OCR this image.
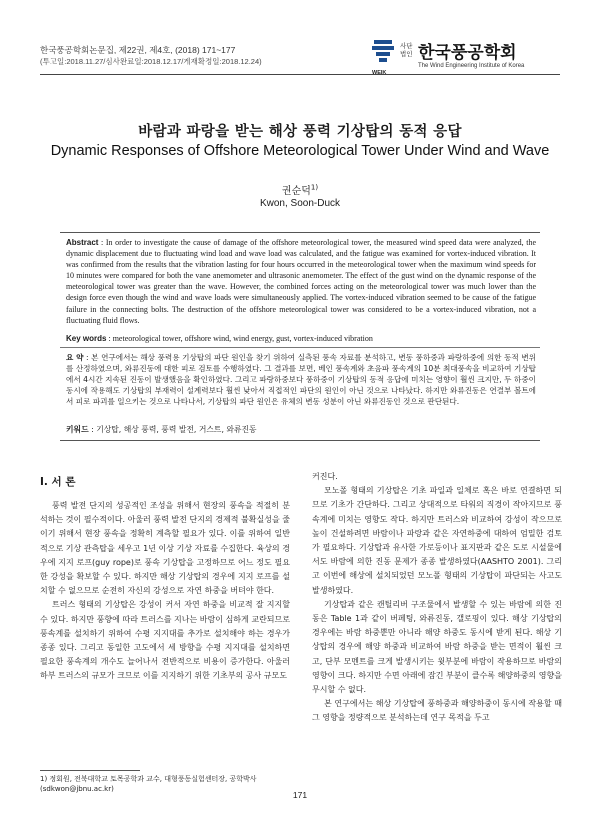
한국풍공학회논문집, 제22권, 제4호, (2018) 171~177
(투고일:2018.11.27/심사완료일:2018.12.17/게재확정일:2018.12.24)
사단 법인 한국풍공학회
WEIK
The Wind Engineering Institute of Korea
바람과 파랑을 받는 해상 풍력 기상탑의 동적 응답
Dynamic Responses of Offshore Meteorological Tower Under Wind and Wave
권순덕$^{1)}$
Kwon, Soon-Duck
Abstract : In order to investigate the cause of damage of the offshore meteorological tower, the measured wind speed data were analyzed, the dynamic displacement due to fluctuating wind load and wave load was calculated, and the fatigue was examined for vortex-induced vibration. It was confirmed from the results that the vibration lasting for four hours occurred in the meteorological tower when the maximum wind speeds for 10 minutes were compared for both the vane anemometer and ultrasonic anemometer. The effect of the gust wind on the dynamic response of the meteorological tower was greater than the wave. However, the combined forces acting on the meteorological tower was much lower than the design force even though the wind and wave loads were simultaneously applied. The vortex-induced vibration seemed to be cause of the fatigue failure in the connecting bolts. The destruction of the offshore meteorological tower was considered to be a vortex-induced vibration, not a fluctuating fluid flows.
Key words : meteorological tower, offshore wind, wind energy, gust, vortex-induced vibration
요 약 : 본 연구에서는 해상 풍력용 기상탑의 파단 원인을 찾기 위하여 실측된 풍속 자료를 분석하고, 변동 풍하중과 파랑하중에 의한 동적 변위를 산정하였으며, 와류진동에 대한 피로 검토를 수행하였다. 그 결과를 보면, 베인 풍속계와 초음파 풍속계의 10분 최대풍속을 비교하여 기상탑에서 4시간 지속된 진동이 발생했음을 확인하였다. 그리고 파랑하중보다 풍하중이 기상탑의 동적 응답에 미치는 영향이 훨씬 크지만, 두 하중이 동시에 작용해도 기상탑의 부재력이 설계력보다 훨씬 낮아서 직접적인 파단의 원인이 아닌 것으로 나타났다. 하지만 와류진동은 연결부 볼트에서 피로 파괴를 일으키는 것으로 나타나서, 기상탑의 파단 원인은 유체의 변동 성분이 아닌 와류진동인 것으로 판단된다.
키워드 : 기상탑, 해상 풍력, 풍력 발전, 거스트, 와류진동
I. 서 론

풍력 발전 단지의 성공적인 조성을 위해서 현장의 풍속을 적절히 분석하는 것이 필수적이다. 아울러 풍력 발전 단지의 경제적 불확실성을 줄이기 위해서 현장 풍속을 정확히 계측할 필요가 있다. 이를 위하여 일반적으로 기상 관측탑을 세우고 1년 이상 기상 자료를 수집한다. 육상의 경우에 지지 로프(guy rope)로 풍속 기상탑을 고정하므로 어느 정도 필요한 강성을 확보할 수 있다. 하지만 해상 기상탑의 경우에 지지 로프를 설치할 수 없으므로 순전히 자신의 강성으로 자연 하중을 버텨야 한다.

트러스 형태의 기상탑은 강성이 커서 자연 하중을 비교적 잘 지지할 수 있다. 하지만 풍향에 따라 트러스를 지나는 바람이 심하게 교란되므로 풍속계를 설치하기 위하여 수평 지지대를 추가로 설치해야 하는 경우가 종종 있다. 그리고 동일한 고도에서 세 방향을 수평 지지대를 설치하면 필요한 풍속계의 개수도 늘어나서 전반적으로 비용이 증가한다. 아울러 하부 트러스의 규모가 크므로 이를 지지하기 위한 기초부의 공사 규모도

커진다.

모노폴 형태의 기상탑은 기초 파일과 일체로 혹은 바로 연결하면 되므로 기초가 간단하다. 그리고 상대적으로 타워의 직경이 작아지므로 풍속계에 미치는 영향도 작다. 하지만 트러스와 비교하여 강성이 작으므로 높이 건설하려면 바람이나 파랑과 같은 자연하중에 대하여 엄밀한 검토가 필요하다. 기상탑과 유사한 가로등이나 표지판과 같은 도로 시설물에서도 바람에 의한 진동 문제가 종종 발생하였다(AASHTO 2001). 그리고 이번에 해상에 설치되었던 모노폴 형태의 기상탑이 파단되는 사고도 발생하였다.

기상탑과 같은 캔틸리버 구조물에서 발생할 수 있는 바람에 의한 진동은 Table 1과 같이 버페팅, 와류진동, 갤로핑이 있다. 해상 기상탑의 경우에는 바람 하중뿐만 아니라 해양 하중도 동시에 받게 된다. 해상 기상탑의 경우에 해양 하중과 비교하여 바람 하중을 받는 면적이 훨씬 크고, 단부 모멘트를 크게 발생시키는 윗부분에 바람이 작용하므로 바람의 영향이 크다. 하지만 수면 아래에 잠긴 부분이 클수록 해양하중의 영향을 무시할 수 없다.

본 연구에서는 해상 기상탑에 풍하중과 해양하중이 동시에 작용할 때 그 영향을 정량적으로 분석하는데 연구 목적을 두고

1) 정회원, 전북대학교 토목공학과 교수, 대형풍동실험센터장, 공학박사 (sdkwon@jbnu.ac.kr)
171
